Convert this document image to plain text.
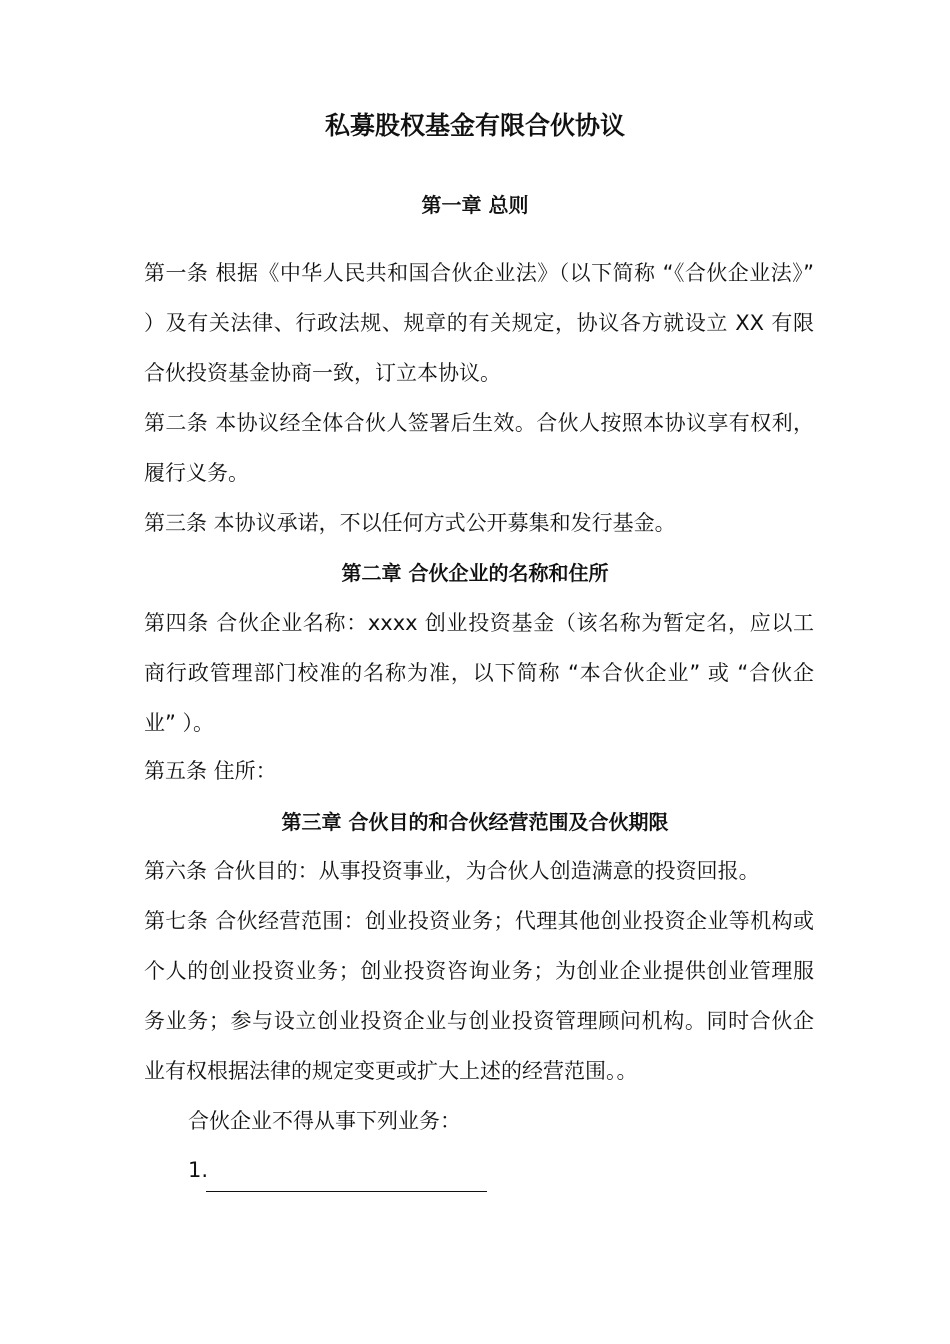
私募股权基金有限合伙协议
第一章 总则
第一条 根据《中华人民共和国合伙企业法》（以下简称 “《合伙企业法》” ）及有关法律、行政法规、规章的有关规定，协议各方就设立 XX 有限合伙投资基金协商一致，订立本协议。
第二条 本协议经全体合伙人签署后生效。合伙人按照本协议享有权利，履行义务。
第三条 本协议承诺，不以任何方式公开募集和发行基金。
第二章 合伙企业的名称和住所
第四条 合伙企业名称：xxxx 创业投资基金（该名称为暂定名，应以工商行政管理部门校准的名称为准，以下简称 “本合伙企业” 或 “合伙企业” ）。
第五条 住所：
第三章 合伙目的和合伙经营范围及合伙期限
第六条 合伙目的：从事投资事业，为合伙人创造满意的投资回报。
第七条 合伙经营范围：创业投资业务；代理其他创业投资企业等机构或个人的创业投资业务；创业投资咨询业务；为创业企业提供创业管理服务业务；参与设立创业投资企业与创业投资管理顾问机构。同时合伙企业有权根据法律的规定变更或扩大上述的经营范围。。
合伙企业不得从事下列业务：
1.
